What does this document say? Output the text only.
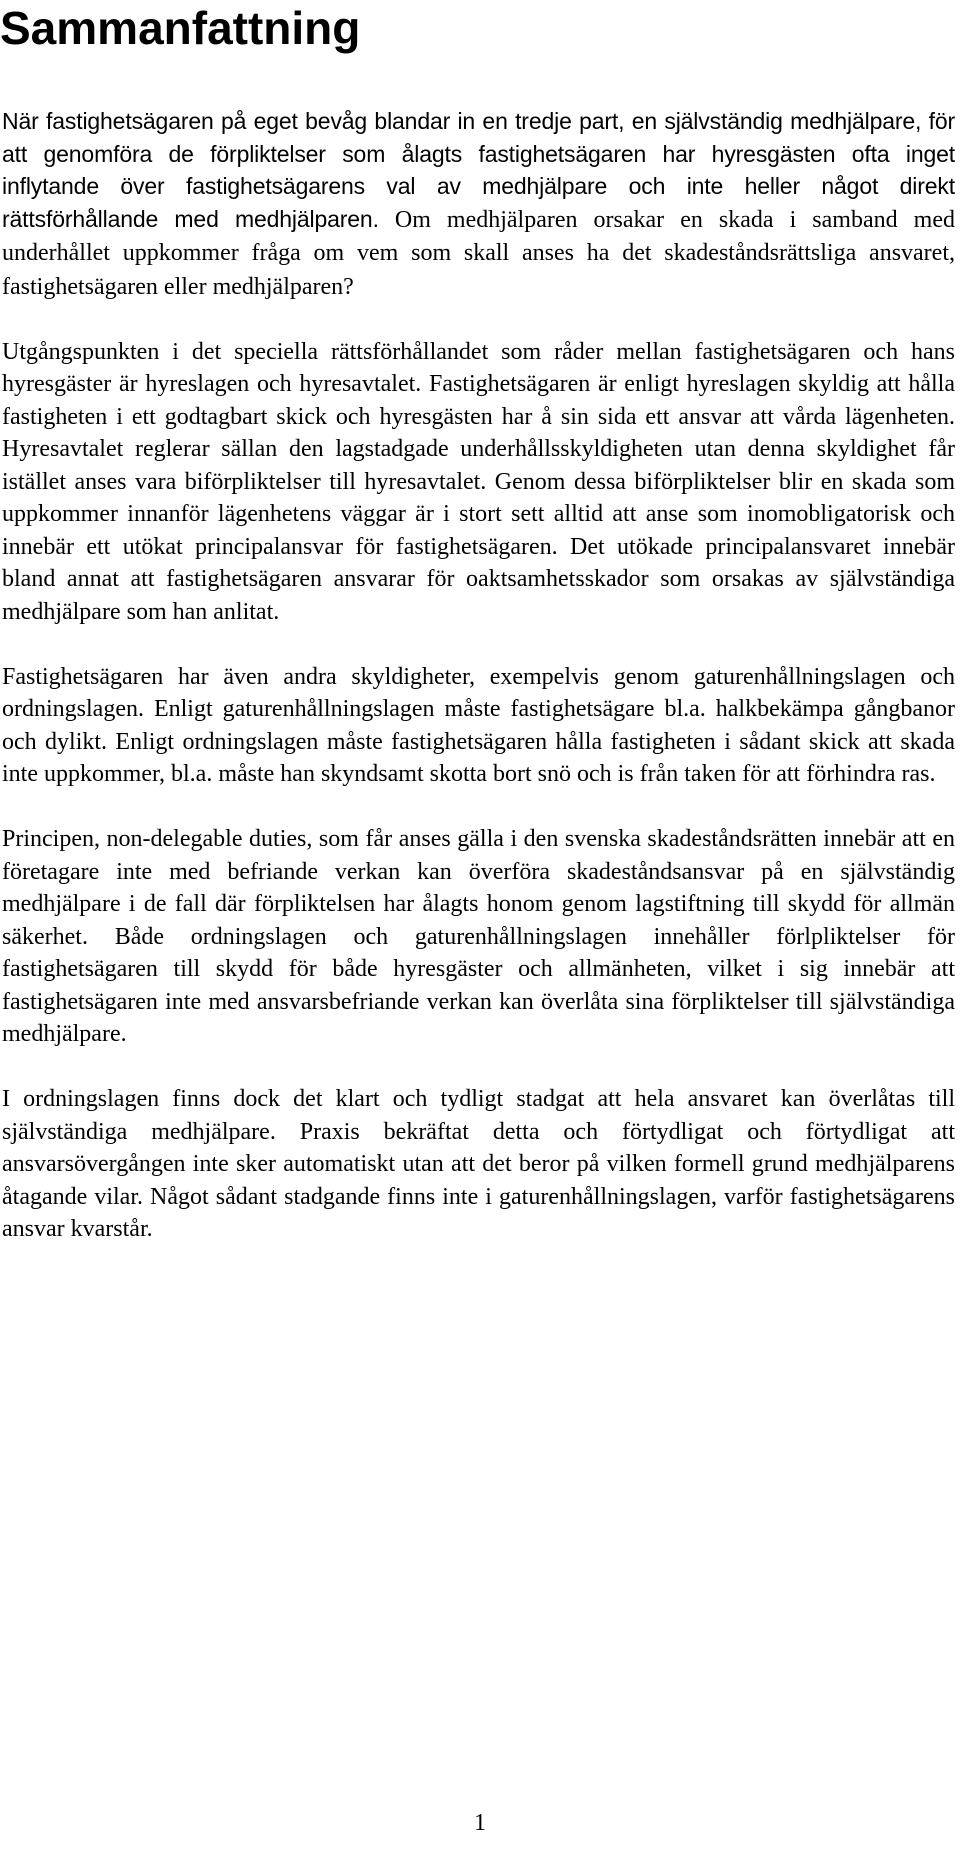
Sammanfattning

När fastighetsägaren på eget bevåg blandar in en tredje part, en självständig medhjälpare, för att genomföra de förpliktelser som ålagts fastighetsägaren har hyresgästen ofta inget inflytande över fastighetsägarens val av medhjälpare och inte heller något direkt rättsförhållande med medhjälparen. Om medhjälparen orsakar en skada i samband med underhållet uppkommer fråga om vem som skall anses ha det skadeståndsrättsliga ansvaret, fastighetsägaren eller medhjälparen?

Utgångspunkten i det speciella rättsförhållandet som råder mellan fastighetsägaren och hans hyresgäster är hyreslagen och hyresavtalet. Fastighetsägaren är enligt hyreslagen skyldig att hålla fastigheten i ett godtagbart skick och hyresgästen har å sin sida ett ansvar att vårda lägenheten. Hyresavtalet reglerar sällan den lagstadgade underhållsskyldigheten utan denna skyldighet får istället anses vara biförpliktelser till hyresavtalet. Genom dessa biförpliktelser blir en skada som uppkommer innanför lägenhetens väggar är i stort sett alltid att anse som inomobligatorisk och innebär ett utökat principalansvar för fastighetsägaren. Det utökade principalansvaret innebär bland annat att fastighetsägaren ansvarar för oaktsamhetsskador som orsakas av självständiga medhjälpare som han anlitat.

Fastighetsägaren har även andra skyldigheter, exempelvis genom gaturenhållningslagen och ordningslagen. Enligt gaturenhållningslagen måste fastighetsägare bl.a. halkbekämpa gångbanor och dylikt. Enligt ordningslagen måste fastighetsägaren hålla fastigheten i sådant skick att skada inte uppkommer, bl.a. måste han skyndsamt skotta bort snö och is från taken för att förhindra ras.

Principen, non-delegable duties, som får anses gälla i den svenska skadeståndsrätten innebär att en företagare inte med befriande verkan kan överföra skadeståndsansvar på en självständig medhjälpare i de fall där förpliktelsen har ålagts honom genom lagstiftning till skydd för allmän säkerhet. Både ordningslagen och gaturenhållningslagen innehåller förlpliktelser för fastighetsägaren till skydd för både hyresgäster och allmänheten, vilket i sig innebär att fastighetsägaren inte med ansvarsbefriande verkan kan överlåta sina förpliktelser till självständiga medhjälpare.

I ordningslagen finns dock det klart och tydligt stadgat att hela ansvaret kan överlåtas till självständiga medhjälpare. Praxis bekräftat detta och förtydligat och förtydligat att ansvarsövergången inte sker automatiskt utan att det beror på vilken formell grund medhjälparens åtagande vilar. Något sådant stadgande finns inte i gaturenhållningslagen, varför fastighetsägarens ansvar kvarstår.

1
